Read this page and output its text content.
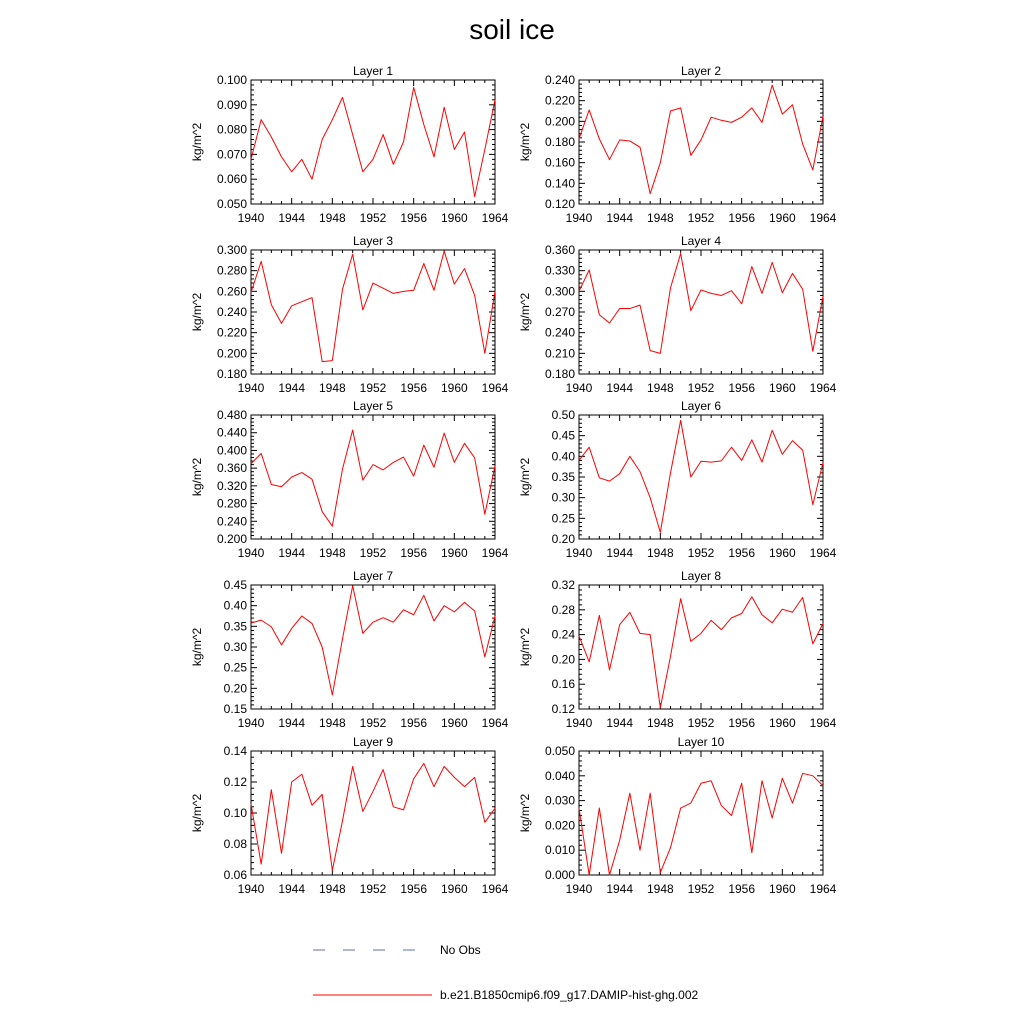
soil ice
Layer 1
kg/m^2
0.050
0.060
0.070
0.080
0.090
0.100
1940 1944 1948 1952 1956 1960 1964
Layer 2
kg/m^2
0.120
0.140
0.160
0.180
0.200
0.220
0.240
1940 1944 1948 1952 1956 1960 1964
Layer 3
kg/m^2
0.180
0.200
0.220
0.240
0.260
0.280
0.300
1940 1944 1948 1952 1956 1960 1964
Layer 4
kg/m^2
0.180
0.210
0.240
0.270
0.300
0.330
0.360
1940 1944 1948 1952 1956 1960 1964
Layer 5
kg/m^2
0.200
0.240
0.280
0.320
0.360
0.400
0.440
0.480
1940 1944 1948 1952 1956 1960 1964
Layer 6
kg/m^2
0.20
0.25
0.30
0.35
0.40
0.45
0.50
1940 1944 1948 1952 1956 1960 1964
Layer 7
kg/m^2
0.15
0.20
0.25
0.30
0.35
0.40
0.45
1940 1944 1948 1952 1956 1960 1964
Layer 8
kg/m^2
0.12
0.16
0.20
0.24
0.28
0.32
1940 1944 1948 1952 1956 1960 1964
Layer 9
kg/m^2
0.06
0.08
0.10
0.12
0.14
1940 1944 1948 1952 1956 1960 1964
Layer 10
kg/m^2
0.000
0.010
0.020
0.030
0.040
0.050
1940 1944 1948 1952 1956 1960 1964
No Obs
b.e21.B1850cmip6.f09_g17.DAMIP-hist-ghg.002
